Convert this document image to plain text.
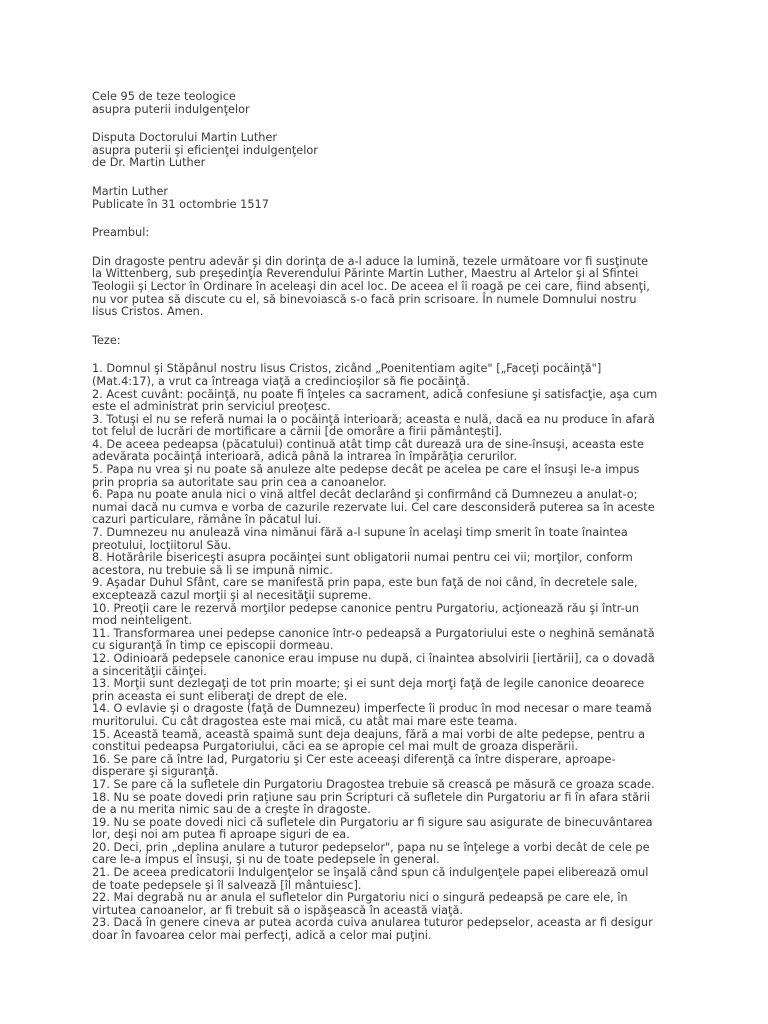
Cele 95 de teze teologice
asupra puterii indulgenţelor
Disputa Doctorului Martin Luther
asupra puterii şi eficienţei indulgenţelor
de Dr. Martin Luther
Martin Luther
Publicate în 31 octombrie 1517
Preambul:
Din dragoste pentru adevăr şi din dorinţa de a-l aduce la lumină, tezele următoare vor fi susţinute
la Wittenberg, sub preşedinţia Reverendului Părinte Martin Luther, Maestru al Artelor şi al Sfintei
Teologii şi Lector în Ordinare în aceleaşi din acel loc. De aceea el îi roagă pe cei care, fiind absenţi,
nu vor putea să discute cu el, să binevoiască s-o facă prin scrisoare. În numele Domnului nostru
Iisus Cristos. Amen.
Teze:
1. Domnul şi Stăpânul nostru Iisus Cristos, zicând „Poenitentiam agite" [„Faceţi pocăinţă"]
(Mat.4:17), a vrut ca întreaga viaţă a credincioşilor să fie pocăinţă.
2. Acest cuvânt: pocăinţă, nu poate fi înţeles ca sacrament, adică confesiune şi satisfacţie, aşa cum
este el administrat prin serviciul preoţesc.
3. Totuşi el nu se referă numai la o pocăinţă interioară; aceasta e nulă, dacă ea nu produce în afară
tot felul de lucrări de mortificare a cărnii [de omorâre a firii pământeşti].
4. De aceea pedeapsa (păcatului) continuă atât timp cât durează ura de sine-însuşi, aceasta este
adevărata pocăinţă interioară, adică până la intrarea în împărăţia cerurilor.
5. Papa nu vrea şi nu poate să anuleze alte pedepse decât pe acelea pe care el însuşi le-a impus
prin propria sa autoritate sau prin cea a canoanelor.
6. Papa nu poate anula nici o vină altfel decât declarând şi confirmând că Dumnezeu a anulat-o;
numai dacă nu cumva e vorba de cazurile rezervate lui. Cel care desconsideră puterea sa în aceste
cazuri particulare, rămâne în păcatul lui.
7. Dumnezeu nu anulează vina nimănui fără a-l supune în acelaşi timp smerit în toate înaintea
preotului, locţiitorul Său.
8. Hotărârile bisericeşti asupra pocăinţei sunt obligatorii numai pentru cei vii; morţilor, conform
acestora, nu trebuie să li se impună nimic.
9. Aşadar Duhul Sfânt, care se manifestă prin papa, este bun faţă de noi când, în decretele sale,
exceptează cazul morţii şi al necesităţii supreme.
10. Preoţii care le rezervă morţilor pedepse canonice pentru Purgatoriu, acţionează rău şi într-un
mod neinteligent.
11. Transformarea unei pedepse canonice într-o pedeapsă a Purgatoriului este o neghină semănată
cu siguranţă în timp ce episcopii dormeau.
12. Odinioară pedepsele canonice erau impuse nu după, ci înaintea absolvirii [iertării], ca o dovadă
a sincerităţii căinţei.
13. Morţii sunt dezlegaţi de tot prin moarte; şi ei sunt deja morţi faţă de legile canonice deoarece
prin aceasta ei sunt eliberaţi de drept de ele.
14. O evlavie şi o dragoste (faţă de Dumnezeu) imperfecte îi produc în mod necesar o mare teamă
muritorului. Cu cât dragostea este mai mică, cu atât mai mare este teama.
15. Această teamă, această spaimă sunt deja deajuns, fără a mai vorbi de alte pedepse, pentru a
constitui pedeapsa Purgatoriului, căci ea se apropie cel mai mult de groaza disperării.
16. Se pare că între Iad, Purgatoriu şi Cer este aceeaşi diferenţă ca între disperare, aproape-
disperare şi siguranţă.
17. Se pare că la sufletele din Purgatoriu Dragostea trebuie să crească pe măsură ce groaza scade.
18. Nu se poate dovedi prin raţiune sau prin Scripturi că sufletele din Purgatoriu ar fi în afara stării
de a nu merita nimic sau de a creşte în dragoste.
19. Nu se poate dovedi nici că sufletele din Purgatoriu ar fi sigure sau asigurate de binecuvântarea
lor, deşi noi am putea fi aproape siguri de ea.
20. Deci, prin „deplina anulare a tuturor pedepselor", papa nu se înţelege a vorbi decât de cele pe
care le-a impus el însuşi, şi nu de toate pedepsele în general.
21. De aceea predicatorii Indulgenţelor se înşală când spun că indulgenţele papei eliberează omul
de toate pedepsele şi îl salvează [îl mântuiesc].
22. Mai degrabă nu ar anula el sufletelor din Purgatoriu nici o singură pedeapsă pe care ele, în
virtutea canoanelor, ar fi trebuit să o ispăşească în această viaţă.
23. Dacă în genere cineva ar putea acorda cuiva anularea tuturor pedepselor, aceasta ar fi desigur
doar în favoarea celor mai perfecţi, adică a celor mai puţini.
